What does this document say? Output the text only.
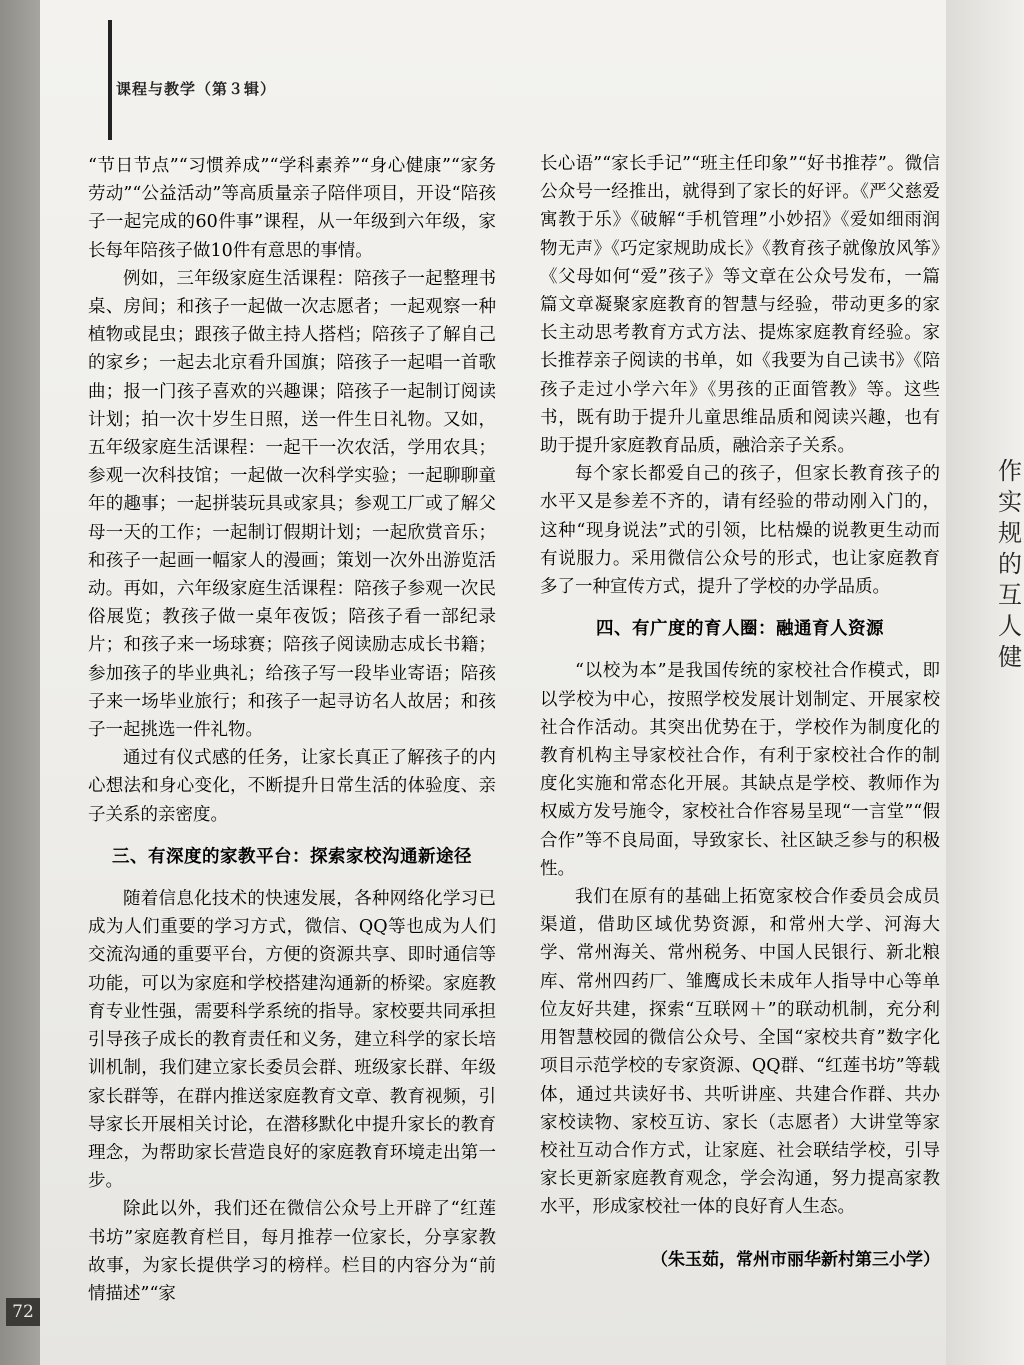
作
实
规
的
互
人
健
课程与教学（第３辑）

“节日节点”“习惯养成”“学科素养”“身心健康”“家务劳动”“公益活动”等高质量亲子陪伴项目，开设“陪孩子一起完成的60件事”课程，从一年级到六年级，家长每年陪孩子做10件有意思的事情。

例如，三年级家庭生活课程：陪孩子一起整理书桌、房间；和孩子一起做一次志愿者；一起观察一种植物或昆虫；跟孩子做主持人搭档；陪孩子了解自己的家乡；一起去北京看升国旗；陪孩子一起唱一首歌曲；报一门孩子喜欢的兴趣课；陪孩子一起制订阅读计划；拍一次十岁生日照，送一件生日礼物。又如，五年级家庭生活课程：一起干一次农活，学用农具；参观一次科技馆；一起做一次科学实验；一起聊聊童年的趣事；一起拼装玩具或家具；参观工厂或了解父母一天的工作；一起制订假期计划；一起欣赏音乐；和孩子一起画一幅家人的漫画；策划一次外出游览活动。再如，六年级家庭生活课程：陪孩子参观一次民俗展览；教孩子做一桌年夜饭；陪孩子看一部纪录片；和孩子来一场球赛；陪孩子阅读励志成长书籍；参加孩子的毕业典礼；给孩子写一段毕业寄语；陪孩子来一场毕业旅行；和孩子一起寻访名人故居；和孩子一起挑选一件礼物。

通过有仪式感的任务，让家长真正了解孩子的内心想法和身心变化，不断提升日常生活的体验度、亲子关系的亲密度。

三、有深度的家教平台：探索家校沟通新途径

随着信息化技术的快速发展，各种网络化学习已成为人们重要的学习方式，微信、QQ等也成为人们交流沟通的重要平台，方便的资源共享、即时通信等功能，可以为家庭和学校搭建沟通新的桥梁。家庭教育专业性强，需要科学系统的指导。家校要共同承担引导孩子成长的教育责任和义务，建立科学的家长培训机制，我们建立家长委员会群、班级家长群、年级家长群等，在群内推送家庭教育文章、教育视频，引导家长开展相关讨论，在潜移默化中提升家长的教育理念，为帮助家长营造良好的家庭教育环境走出第一步。

除此以外，我们还在微信公众号上开辟了“红莲书坊”家庭教育栏目，每月推荐一位家长，分享家教故事，为家长提供学习的榜样。栏目的内容分为“前情描述”“家

长心语”“家长手记”“班主任印象”“好书推荐”。微信公众号一经推出，就得到了家长的好评。《严父慈爱 寓教于乐》《破解“手机管理”小妙招》《爱如细雨润物无声》《巧定家规助成长》《教育孩子就像放风筝》《父母如何“爱”孩子》等文章在公众号发布，一篇篇文章凝聚家庭教育的智慧与经验，带动更多的家长主动思考教育方式方法、提炼家庭教育经验。家长推荐亲子阅读的书单，如《我要为自己读书》《陪孩子走过小学六年》《男孩的正面管教》等。这些书，既有助于提升儿童思维品质和阅读兴趣，也有助于提升家庭教育品质，融洽亲子关系。

每个家长都爱自己的孩子，但家长教育孩子的水平又是参差不齐的，请有经验的带动刚入门的，这种“现身说法”式的引领，比枯燥的说教更生动而有说服力。采用微信公众号的形式，也让家庭教育多了一种宣传方式，提升了学校的办学品质。

四、有广度的育人圈：融通育人资源

“以校为本”是我国传统的家校社合作模式，即以学校为中心，按照学校发展计划制定、开展家校社合作活动。其突出优势在于，学校作为制度化的教育机构主导家校社合作，有利于家校社合作的制度化实施和常态化开展。其缺点是学校、教师作为权威方发号施令，家校社合作容易呈现“一言堂”“假合作”等不良局面，导致家长、社区缺乏参与的积极性。

我们在原有的基础上拓宽家校合作委员会成员渠道，借助区域优势资源，和常州大学、河海大学、常州海关、常州税务、中国人民银行、新北粮库、常州四药厂、雏鹰成长未成年人指导中心等单位友好共建，探索“互联网＋”的联动机制，充分利用智慧校园的微信公众号、全国“家校共育”数字化项目示范学校的专家资源、QQ群、“红莲书坊”等载体，通过共读好书、共听讲座、共建合作群、共办家校读物、家校互访、家长（志愿者）大讲堂等家校社互动合作方式，让家庭、社会联结学校，引导家长更新家庭教育观念，学会沟通，努力提高家教水平，形成家校社一体的良好育人生态。

（朱玉茹，常州市丽华新村第三小学）
72
